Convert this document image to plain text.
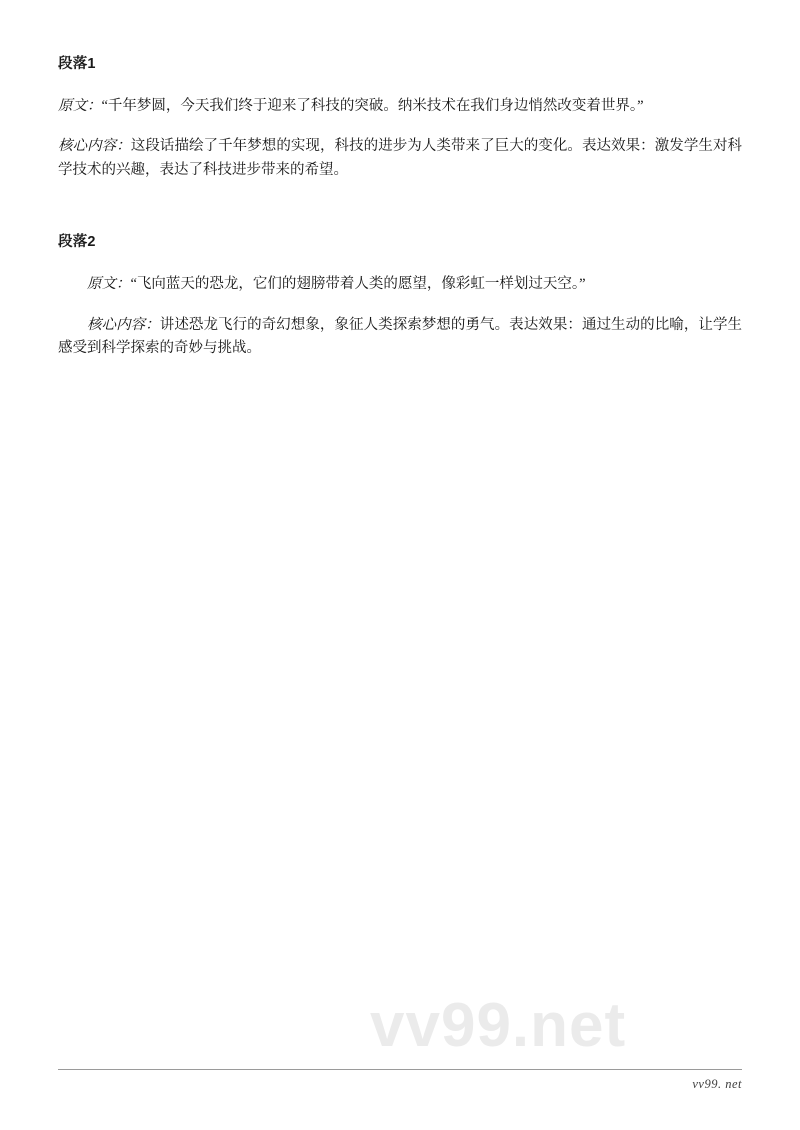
段落1

原文：“千年梦圆，今天我们终于迎来了科技的突破。纳米技术在我们身边悄然改变着世界。”

核心内容：这段话描绘了千年梦想的实现，科技的进步为人类带来了巨大的变化。表达效果：激发学生对科学技术的兴趣，表达了科技进步带来的希望。

段落2

原文：“飞向蓝天的恐龙，它们的翅膀带着人类的愿望，像彩虹一样划过天空。”

核心内容：讲述恐龙飞行的奇幻想象，象征人类探索梦想的勇气。表达效果：通过生动的比喻，让学生感受到科学探索的奇妙与挑战。

vv99.net
vv99. net
